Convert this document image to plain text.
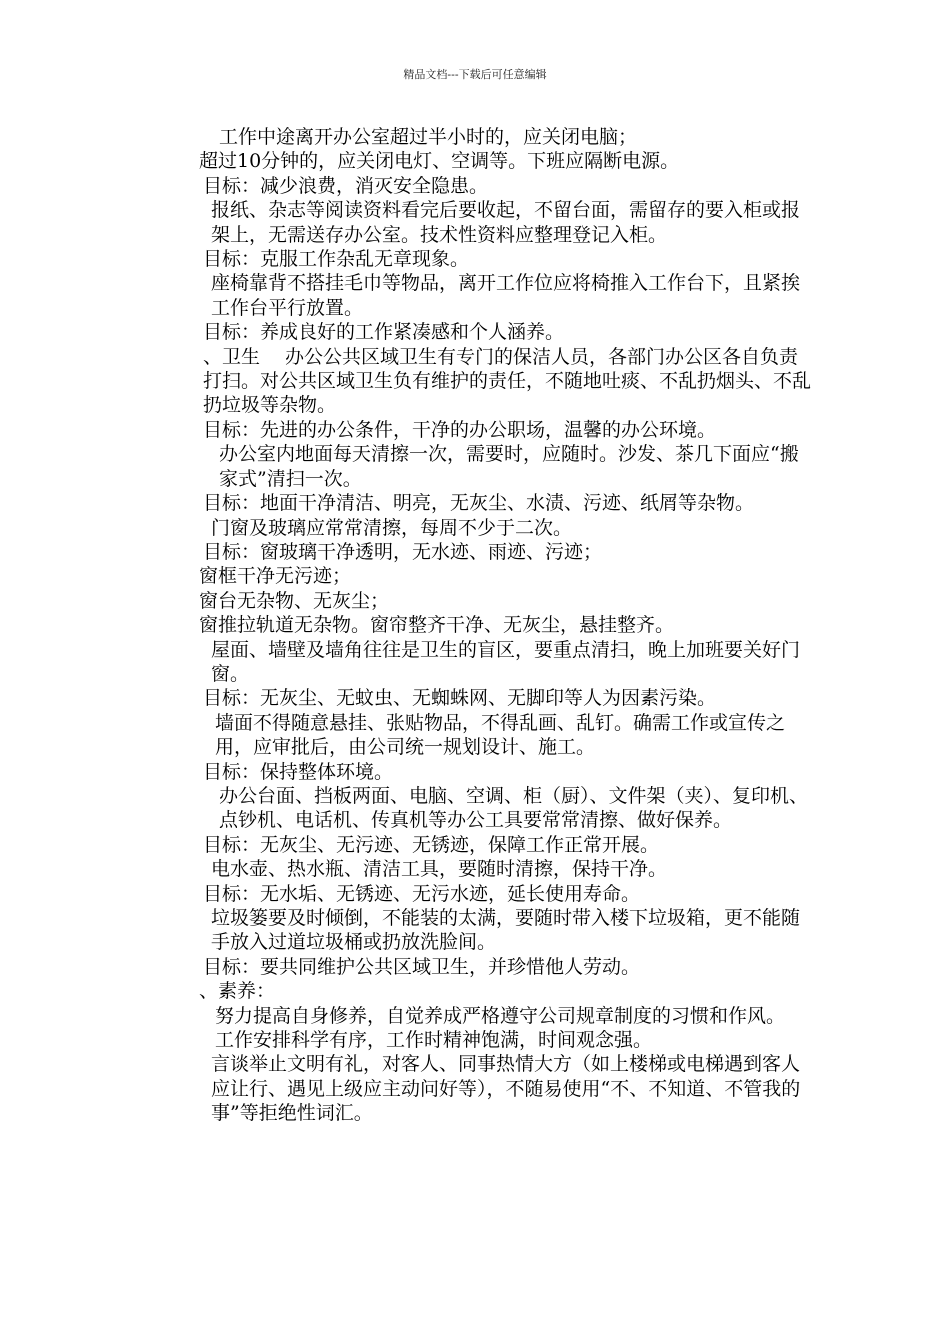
精品文档---下载后可任意编辑

工作中途离开办公室超过半小时的，应关闭电脑；

超过10分钟的，应关闭电灯、空调等。下班应隔断电源。

目标：减少浪费，消灭安全隐患。

报纸、杂志等阅读资料看完后要收起，不留台面，需留存的要入柜或报架上，无需送存办公室。技术性资料应整理登记入柜。

目标：克服工作杂乱无章现象。

座椅靠背不搭挂毛巾等物品，离开工作位应将椅推入工作台下，且紧挨工作台平行放置。

目标：养成良好的工作紧凑感和个人涵养。

、卫生　 办公公共区域卫生有专门的保洁人员，各部门办公区各自负责打扫。对公共区域卫生负有维护的责任，不随地吐痰、不乱扔烟头、不乱扔垃圾等杂物。

目标：先进的办公条件，干净的办公职场，温馨的办公环境。

办公室内地面每天清擦一次，需要时，应随时。沙发、茶几下面应“搬家式”清扫一次。

目标：地面干净清洁、明亮，无灰尘、水渍、污迹、纸屑等杂物。

门窗及玻璃应常常清擦，每周不少于二次。

目标：窗玻璃干净透明，无水迹、雨迹、污迹；

窗框干净无污迹；

窗台无杂物、无灰尘；

窗推拉轨道无杂物。窗帘整齐干净、无灰尘，悬挂整齐。

屋面、墙壁及墙角往往是卫生的盲区，要重点清扫，晚上加班要关好门窗。

目标：无灰尘、无蚊虫、无蜘蛛网、无脚印等人为因素污染。

墙面不得随意悬挂、张贴物品，不得乱画、乱钉。确需工作或宣传之用，应审批后，由公司统一规划设计、施工。

目标：保持整体环境。

办公台面、挡板两面、电脑、空调、柜（厨）、文件架（夹）、复印机、点钞机、电话机、传真机等办公工具要常常清擦、做好保养。

目标：无灰尘、无污迹、无锈迹，保障工作正常开展。

电水壶、热水瓶、清洁工具，要随时清擦，保持干净。

目标：无水垢、无锈迹、无污水迹，延长使用寿命。

垃圾篓要及时倾倒，不能装的太满，要随时带入楼下垃圾箱，更不能随手放入过道垃圾桶或扔放洗脸间。

目标：要共同维护公共区域卫生，并珍惜他人劳动。

、素养：

努力提高自身修养，自觉养成严格遵守公司规章制度的习惯和作风。

工作安排科学有序，工作时精神饱满，时间观念强。

言谈举止文明有礼，对客人、同事热情大方（如上楼梯或电梯遇到客人应让行、遇见上级应主动问好等），不随易使用“不、不知道、不管我的事”等拒绝性词汇。
